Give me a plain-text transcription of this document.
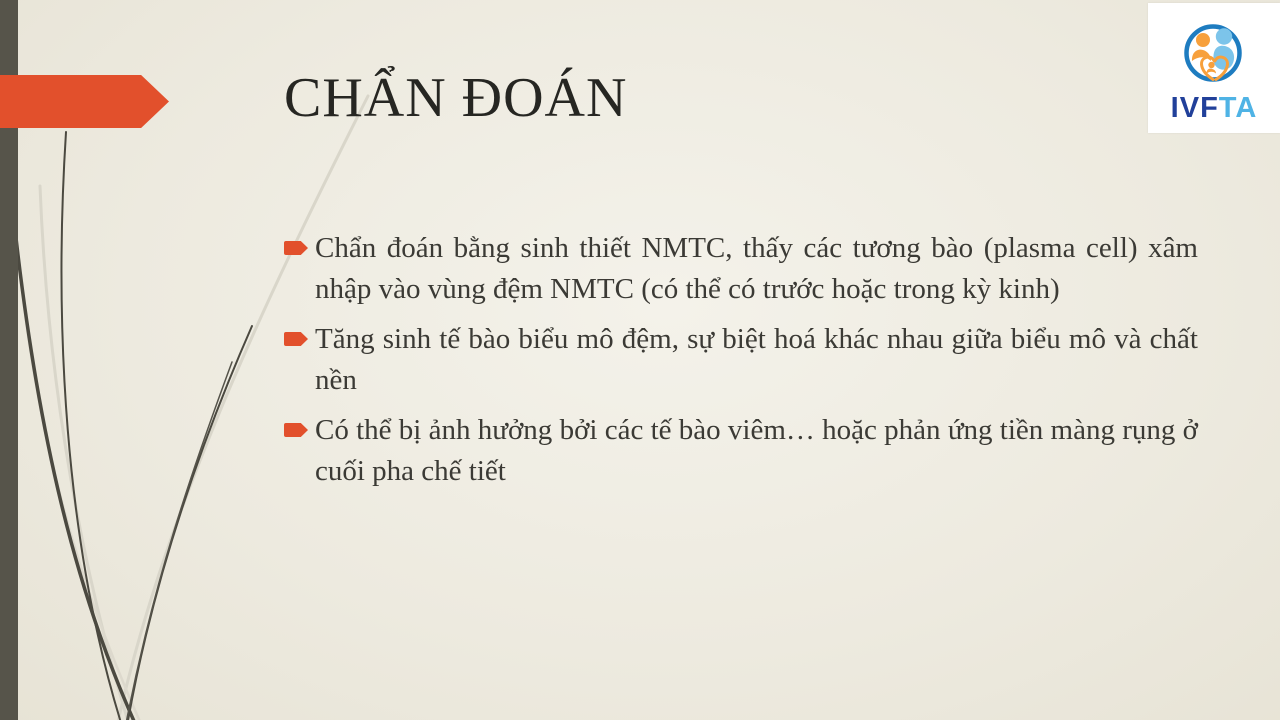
CHẨN ĐOÁN
Chẩn đoán bằng sinh thiết NMTC, thấy các tương bào (plasma cell) xâm nhập vào vùng đệm NMTC (có thể có trước hoặc trong kỳ kinh)
Tăng sinh tế bào biểu mô đệm, sự biệt hoá khác nhau giữa biểu mô và chất nền
Có thể bị ảnh hưởng bởi các tế bào viêm… hoặc phản ứng tiền màng rụng ở cuối pha chế tiết
IVFTA
